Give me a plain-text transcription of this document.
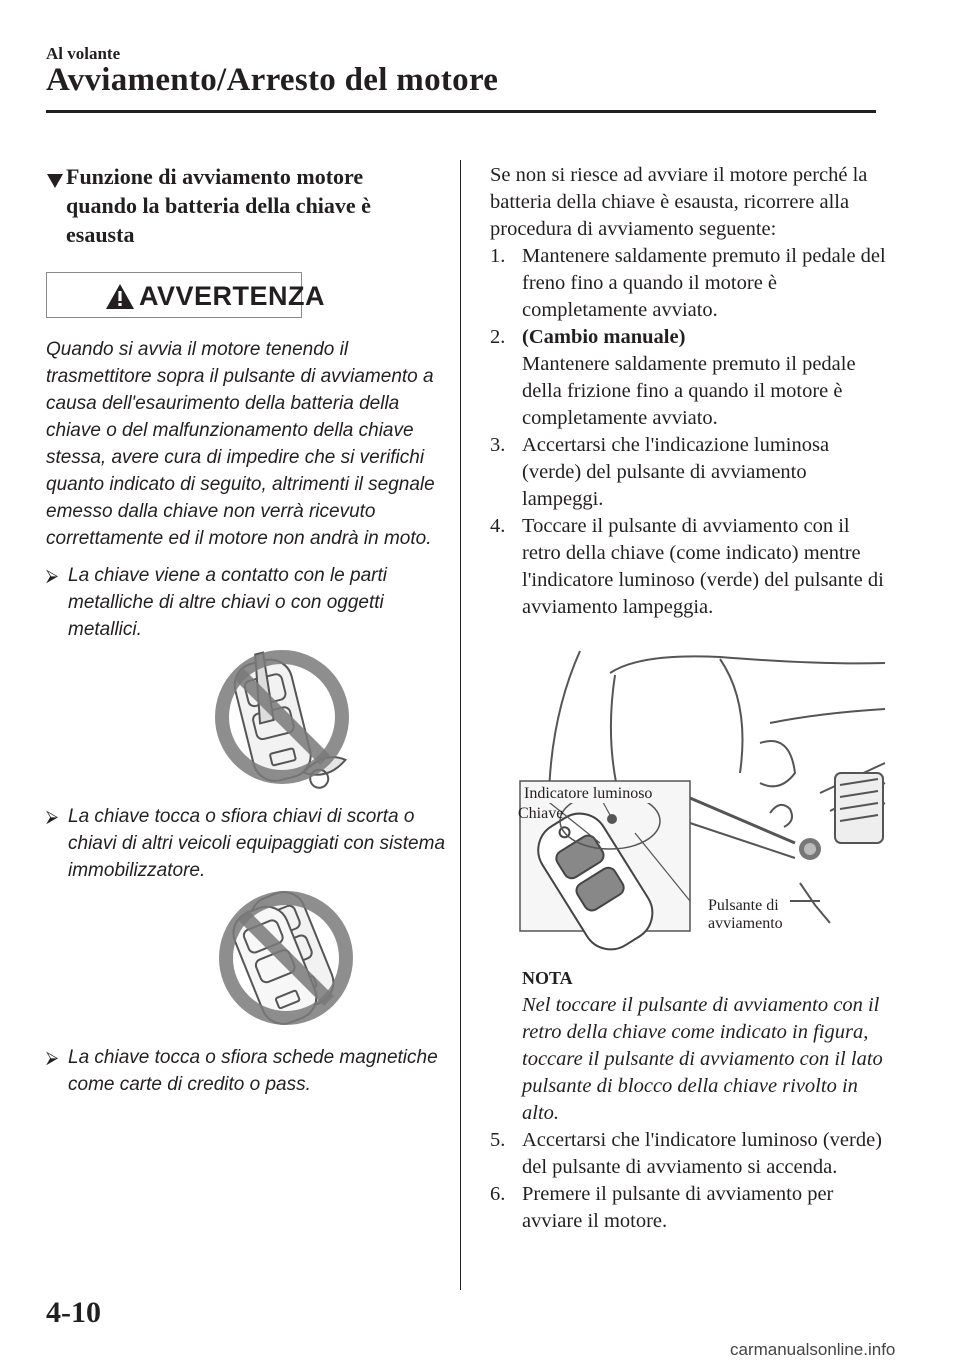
Al volante
Avviamento/Arresto del motore
Funzione di avviamento motore quando la batteria della chiave è esausta
AVVERTENZA

Quando si avvia il motore tenendo il trasmettitore sopra il pulsante di avviamento a causa dell'esaurimento della batteria della chiave o del malfunzionamento della chiave stessa, avere cura di impedire che si verifichi quanto indicato di seguito, altrimenti il segnale emesso dalla chiave non verrà ricevuto correttamente ed il motore non andrà in moto.

⮚ La chiave viene a contatto con le parti metalliche di altre chiavi o con oggetti metallici.
⮚ La chiave tocca o sfiora chiavi di scorta o chiavi di altri veicoli equipaggiati con sistema immobilizzatore.
⮚ La chiave tocca o sfiora schede magnetiche come carte di credito o pass.

Se non si riesce ad avviare il motore perché la batteria della chiave è esausta, ricorrere alla procedura di avviamento seguente:

1. Mantenere saldamente premuto il pedale del freno fino a quando il motore è completamente avviato.
2. (Cambio manuale)
Mantenere saldamente premuto il pedale della frizione fino a quando il motore è completamente avviato.
3. Accertarsi che l'indicazione luminosa (verde) del pulsante di avviamento lampeggi.
4. Toccare il pulsante di avviamento con il retro della chiave (come indicato) mentre l'indicatore luminoso (verde) del pulsante di avviamento lampeggia.
Indicatore luminoso
Chiave
Pulsante di
avviamento
NOTA
Nel toccare il pulsante di avviamento con il retro della chiave come indicato in figura, toccare il pulsante di avviamento con il lato pulsante di blocco della chiave rivolto in alto.
5. Accertarsi che l'indicatore luminoso (verde) del pulsante di avviamento si accenda.
6. Premere il pulsante di avviamento per avviare il motore.
4-10
carmanualsonline.info
